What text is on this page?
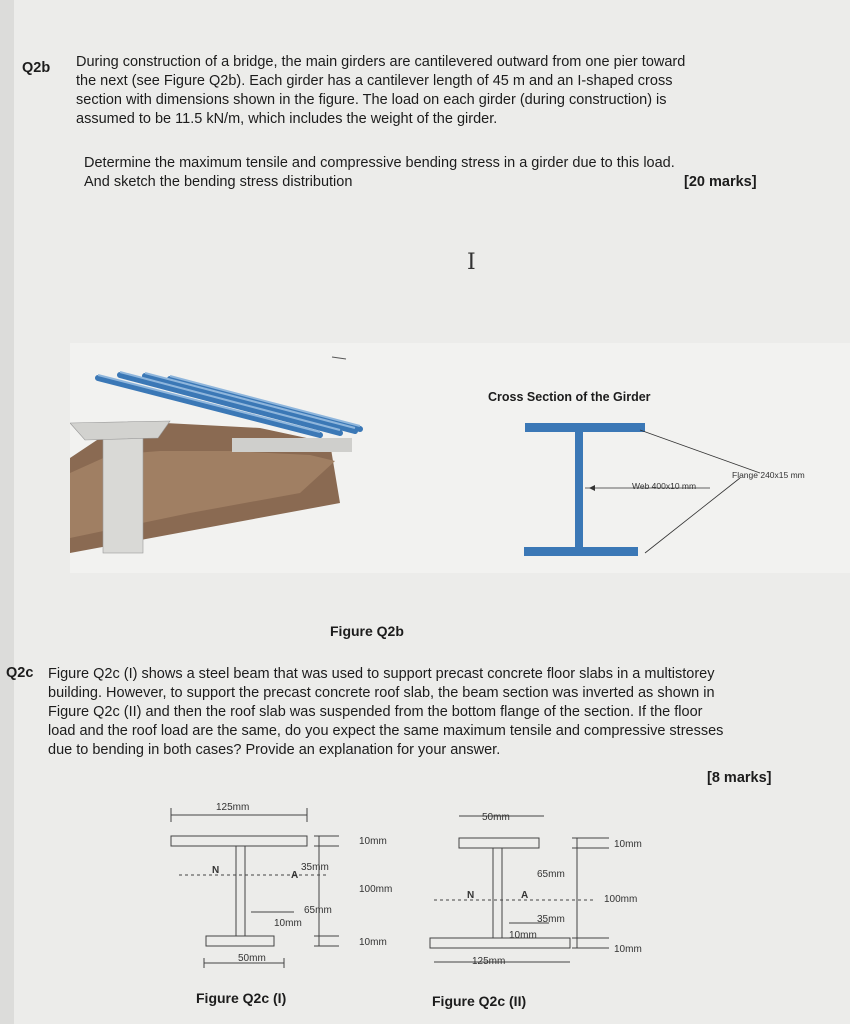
Q2b During construction of a bridge, the main girders are cantilevered outward from one pier toward
the next (see Figure Q2b). Each girder has a cantilever length of 45 m and an I-shaped cross
section with dimensions shown in the figure. The load on each girder (during construction) is
assumed to be 11.5 kN/m, which includes the weight of the girder.
Determine the maximum tensile and compressive bending stress in a girder due to this load.
And sketch the bending stress distribution	[20 marks]
I
Cross Section of the Girder
Web 400x10 mm
Flange 240x15 mm
Figure Q2b
Q2c Figure Q2c (I) shows a steel beam that was used to support precast concrete floor slabs in a multistorey
building. However, to support the precast concrete roof slab, the beam section was inverted as shown in
Figure Q2c (II) and then the roof slab was suspended from the bottom flange of the section. If the floor
load and the roof load are the same, do you expect the same maximum tensile and compressive stresses
due to bending in both cases? Provide an explanation for your answer.
[8 marks]
125mm
10mm
100mm
10mm
10mm
35mm
65mm
N	A
50mm
50mm
10mm
100mm
10mm
10mm
65mm
35mm
N	A
125mm
Figure Q2c (I)	Figure Q2c (II)
